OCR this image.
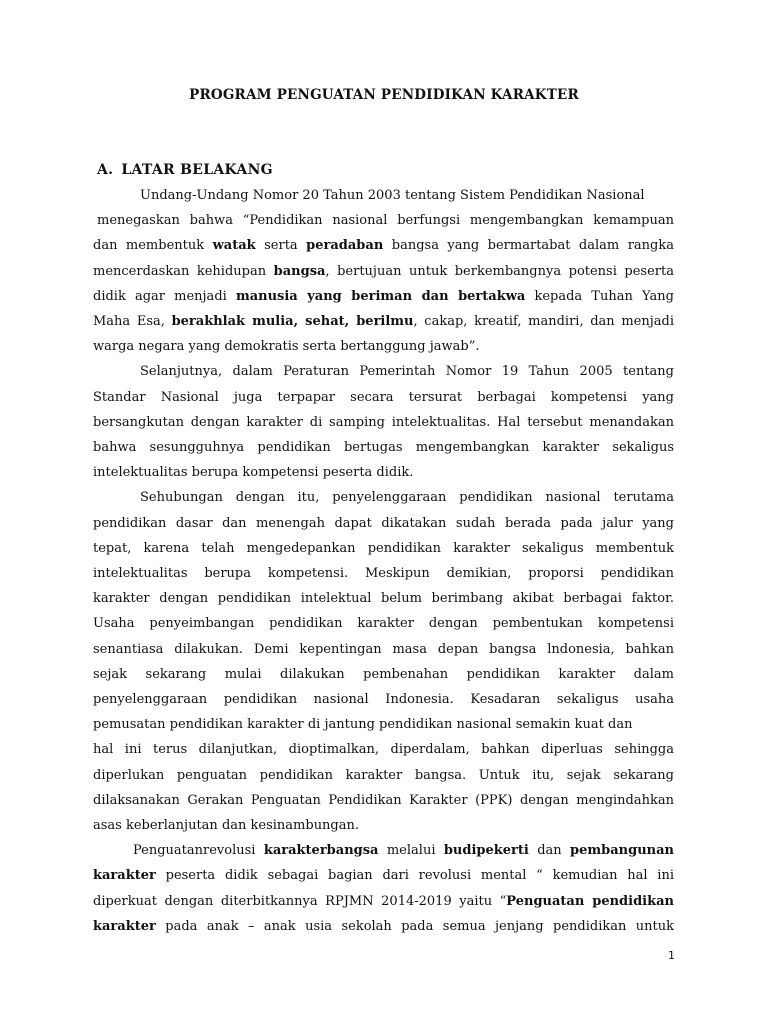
PROGRAM PENGUATAN PENDIDIKAN KARAKTER
A. LATAR BELAKANG
Undang-Undang Nomor 20 Tahun 2003 tentang Sistem Pendidikan Nasional
menegaskan bahwa “Pendidikan nasional berfungsi mengembangkan kemampuan
dan membentuk watak serta peradaban bangsa yang bermartabat dalam rangka
mencerdaskan kehidupan bangsa, bertujuan untuk berkembangnya potensi peserta
didik agar menjadi manusia yang beriman dan bertakwa kepada Tuhan Yang
Maha Esa, berakhlak mulia, sehat, berilmu, cakap, kreatif, mandiri, dan menjadi
warga negara yang demokratis serta bertanggung jawab”.
Selanjutnya, dalam Peraturan Pemerintah Nomor 19 Tahun 2005 tentang
Standar Nasional juga terpapar secara tersurat berbagai kompetensi yang
bersangkutan dengan karakter di samping intelektualitas. Hal tersebut menandakan
bahwa sesungguhnya pendidikan bertugas mengembangkan karakter sekaligus
intelektualitas berupa kompetensi peserta didik.
Sehubungan dengan itu, penyelenggaraan pendidikan nasional terutama
pendidikan dasar dan menengah dapat dikatakan sudah berada pada jalur yang
tepat, karena telah mengedepankan pendidikan karakter sekaligus membentuk
intelektualitas berupa kompetensi. Meskipun demikian, proporsi pendidikan
karakter dengan pendidikan intelektual belum berimbang akibat berbagai faktor.
Usaha penyeimbangan pendidikan karakter dengan pembentukan kompetensi
senantiasa dilakukan. Demi kepentingan masa depan bangsa lndonesia, bahkan
sejak sekarang mulai dilakukan pembenahan pendidikan karakter dalam
penyelenggaraan pendidikan nasional Indonesia. Kesadaran sekaligus usaha
pemusatan pendidikan karakter di jantung pendidikan nasional semakin kuat dan
hal ini terus dilanjutkan, dioptimalkan, diperdalam, bahkan diperluas sehingga
diperlukan penguatan pendidikan karakter bangsa. Untuk itu, sejak sekarang
dilaksanakan Gerakan Penguatan Pendidikan Karakter (PPK) dengan mengindahkan
asas keberlanjutan dan kesinambungan.
Penguatanrevolusi karakterbangsa melalui budipekerti dan pembangunan
karakter peserta didik sebagai bagian dari revolusi mental “ kemudian hal ini
diperkuat dengan diterbitkannya RPJMN 2014-2019 yaitu “Penguatan pendidikan
karakter pada anak – anak usia sekolah pada semua jenjang pendidikan untuk
1
